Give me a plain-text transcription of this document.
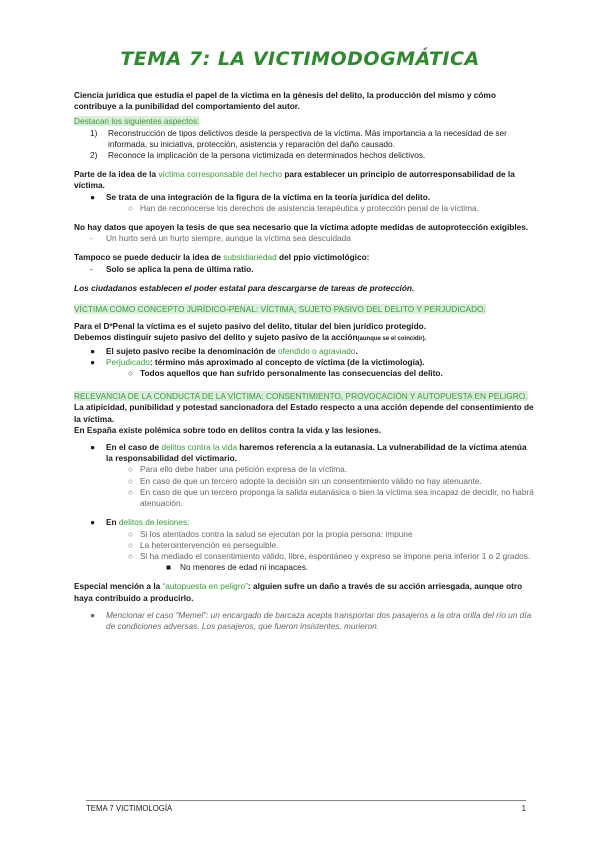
TEMA 7: LA VICTIMODOGMÁTICA

Ciencia jurídica que estudia el papel de la víctima en la génesis del delito, la producción del mismo y cómo contribuye a la punibilidad del comportamiento del autor.

Destacan los siguientes aspectos:

1)	Reconstrucción de tipos delictivos desde la perspectiva de la víctima. Más importancia a la necesidad de ser informada, su iniciativa, protección, asistencia y reparación del daño causado.
2)	Reconoce la implicación de la persona victimizada en determinados hechos delictivos.

Parte de la idea de la víctima corresponsable del hecho para establecer un principio de autorresponsabilidad de la víctima.

●	Se trata de una integración de la figura de la víctima en la teoría jurídica del delito.
○ Han de reconocerse los derechos de asistencia terapéutica y protección penal de la víctima.

No hay datos que apoyen la tesis de que sea necesario que la víctima adopte medidas de autoprotección exigibles.

-	Un hurto será un hurto siempre, aunque la víctima sea descuidada

Tampoco se puede deducir la idea de subsidiariedad del ppio victimológico:

-	Solo se aplica la pena de última ratio.

Los ciudadanos establecen el poder estatal para descargarse de tareas de protección.

VÍCTIMA COMO CONCEPTO JURÍDICO-PENAL: VÍCTIMA, SUJETO PASIVO DEL DELITO Y PERJUDICADO.

Para el DºPenal la víctima es el sujeto pasivo del delito, titular del bien jurídico protegido.

Debemos distinguir sujeto pasivo del delito y sujeto pasivo de la acción(aunque se el coincidir).

●	El sujeto pasivo recibe la denominación de ofendido o agraviado.
●	Perjudicado: término más aproximado al concepto de víctima (de la victimología).
○ Todos aquellos que han sufrido personalmente las consecuencias del delito.

RELEVANCIA DE LA CONDUCTA DE LA VÍCTIMA: CONSENTIMIENTO, PROVOCACIÓN Y AUTOPUESTA EN PELIGRO.

La atipicidad, punibilidad y potestad sancionadora del Estado respecto a una acción depende del consentimiento de la víctima.

En España existe polémica sobre todo en delitos contra la vida y las lesiones.

●	En el caso de delitos contra la vida haremos referencia a la eutanasia. La vulnerabilidad de la víctima atenúa la responsabilidad del victimario.
○ Para ello debe haber una petición expresa de la víctima.
○ En caso de que un tercero adopte la decisión sin un consentimiento válido no hay atenuante.
○ En caso de que un tercero proponga la salida eutanásica o bien la víctima sea incapaz de decidir, no habrá atenuación.
●	En delitos de lesiones:
○ Si los atentados contra la salud se ejecutan por la propia persona: impune
○ La heterointervención es perseguible.
○ Si ha mediado el consentimiento válido, libre, espontáneo y expreso se impone pena inferior 1 o 2 grados.
■	No menores de edad ni incapaces.

Especial mención a la “autopuesta en peligro”: alguien sufre un daño a través de su acción arriesgada, aunque otro haya contribuido a producirlo.

●	Mencionar el caso “Memel”: un encargado de barcaza acepta transportar dos pasajeros a la otra orilla del río un día de condiciones adversas. Los pasajeros, que fueron insistentes, murieron.
TEMA 7 VICTIMOLOGÍA	1
